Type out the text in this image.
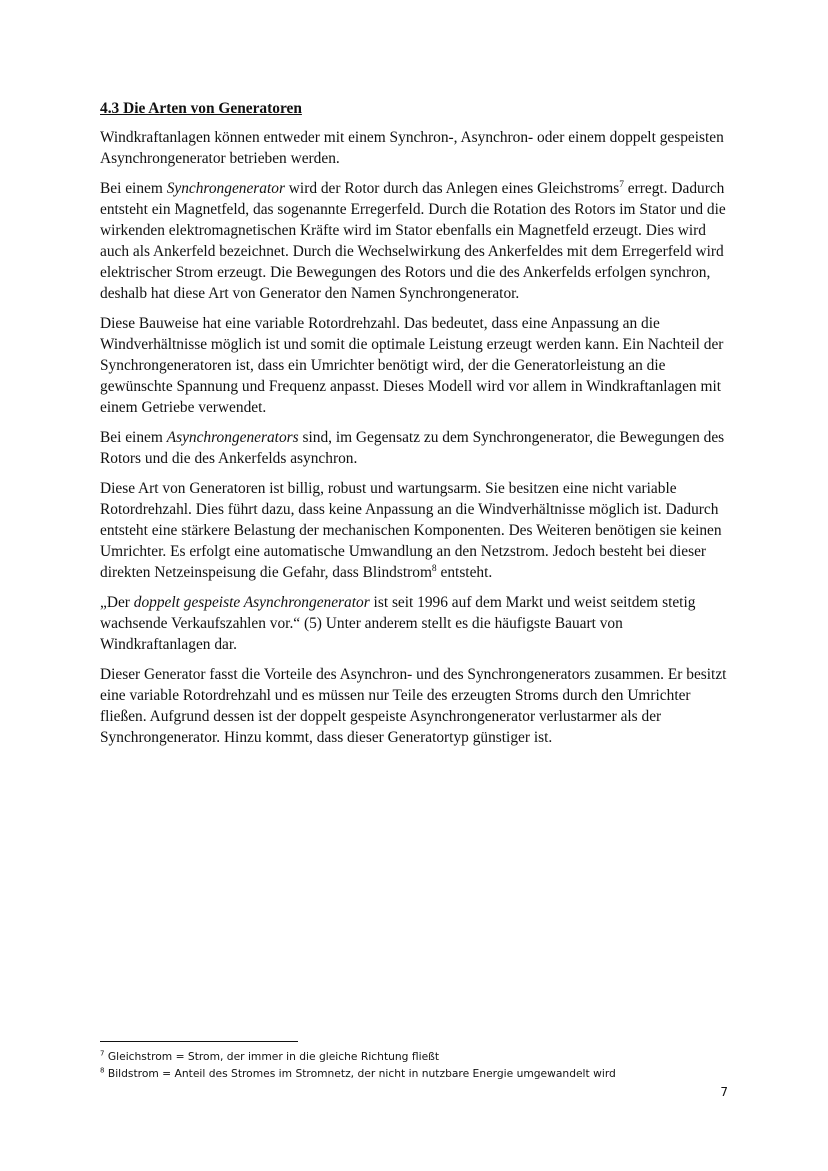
4.3 Die Arten von Generatoren

Windkraftanlagen können entweder mit einem Synchron-, Asynchron- oder einem doppelt gespeisten Asynchrongenerator betrieben werden.

Bei einem Synchrongenerator wird der Rotor durch das Anlegen eines Gleichstroms$^7$ erregt. Dadurch entsteht ein Magnetfeld, das sogenannte Erregerfeld. Durch die Rotation des Rotors im Stator und die wirkenden elektromagnetischen Kräfte wird im Stator ebenfalls ein Magnetfeld erzeugt. Dies wird auch als Ankerfeld bezeichnet. Durch die Wechselwirkung des Ankerfeldes mit dem Erregerfeld wird elektrischer Strom erzeugt. Die Bewegungen des Rotors und die des Ankerfelds erfolgen synchron, deshalb hat diese Art von Generator den Namen Synchrongenerator.

Diese Bauweise hat eine variable Rotordrehzahl. Das bedeutet, dass eine Anpassung an die Windverhältnisse möglich ist und somit die optimale Leistung erzeugt werden kann. Ein Nachteil der Synchrongeneratoren ist, dass ein Umrichter benötigt wird, der die Generatorleistung an die gewünschte Spannung und Frequenz anpasst. Dieses Modell wird vor allem in Windkraftanlagen mit einem Getriebe verwendet.

Bei einem Asynchrongenerators sind, im Gegensatz zu dem Synchrongenerator, die Bewegungen des Rotors und die des Ankerfelds asynchron.

Diese Art von Generatoren ist billig, robust und wartungsarm. Sie besitzen eine nicht variable Rotordrehzahl. Dies führt dazu, dass keine Anpassung an die Windverhältnisse möglich ist. Dadurch entsteht eine stärkere Belastung der mechanischen Komponenten. Des Weiteren benötigen sie keinen Umrichter. Es erfolgt eine automatische Umwandlung an den Netzstrom. Jedoch besteht bei dieser direkten Netzeinspeisung die Gefahr, dass Blindstrom$^8$ entsteht.

„Der doppelt gespeiste Asynchrongenerator ist seit 1996 auf dem Markt und weist seitdem stetig wachsende Verkaufszahlen vor.“ (5) Unter anderem stellt es die häufigste Bauart von Windkraftanlagen dar.

Dieser Generator fasst die Vorteile des Asynchron- und des Synchrongenerators zusammen. Er besitzt eine variable Rotordrehzahl und es müssen nur Teile des erzeugten Stroms durch den Umrichter fließen. Aufgrund dessen ist der doppelt gespeiste Asynchrongenerator verlustarmer als der Synchrongenerator. Hinzu kommt, dass dieser Generatortyp günstiger ist.

$^7$ Gleichstrom = Strom, der immer in die gleiche Richtung fließt

$^8$ Bildstrom = Anteil des Stromes im Stromnetz, der nicht in nutzbare Energie umgewandelt wird

7
